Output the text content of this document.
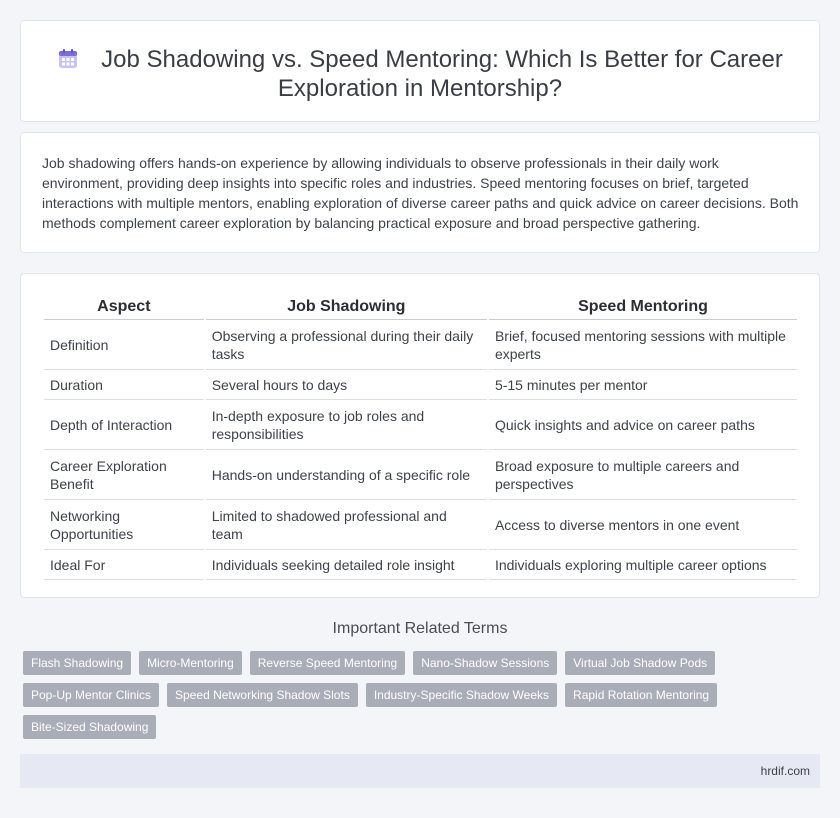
Job Shadowing vs. Speed Mentoring: Which Is Better for Career Exploration in Mentorship?

Job shadowing offers hands-on experience by allowing individuals to observe professionals in their daily work environment, providing deep insights into specific roles and industries. Speed mentoring focuses on brief, targeted interactions with multiple mentors, enabling exploration of diverse career paths and quick advice on career decisions. Both methods complement career exploration by balancing practical exposure and broad perspective gathering.

Aspect	Job Shadowing	Speed Mentoring
Definition	Observing a professional during their daily tasks	Brief, focused mentoring sessions with multiple experts
Duration	Several hours to days	5-15 minutes per mentor
Depth of Interaction	In-depth exposure to job roles and responsibilities	Quick insights and advice on career paths
Career Exploration Benefit	Hands-on understanding of a specific role	Broad exposure to multiple careers and perspectives
Networking Opportunities	Limited to shadowed professional and team	Access to diverse mentors in one event
Ideal For	Individuals seeking detailed role insight	Individuals exploring multiple career options
Important Related Terms
Flash Shadowing	Micro-Mentoring	Reverse Speed Mentoring	Nano-Shadow Sessions	Virtual Job Shadow Pods
Pop-Up Mentor Clinics	Speed Networking Shadow Slots	Industry-Specific Shadow Weeks	Rapid Rotation Mentoring
Bite-Sized Shadowing
hrdif.com
